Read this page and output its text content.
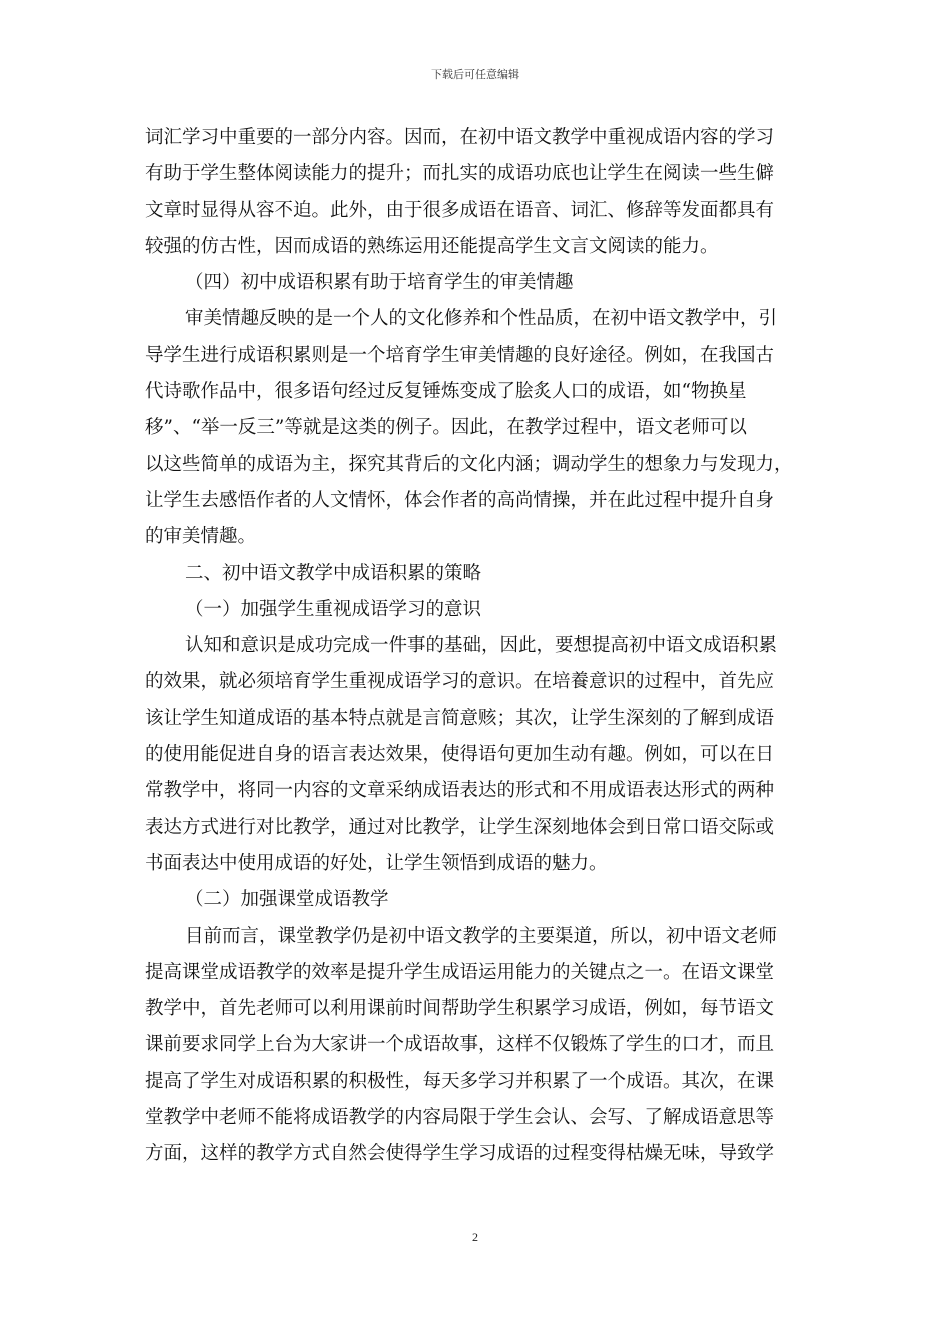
下载后可任意编辑

词汇学习中重要的一部分内容。因而，在初中语文教学中重视成语内容的学习

有助于学生整体阅读能力的提升；而扎实的成语功底也让学生在阅读一些生僻

文章时显得从容不迫。此外，由于很多成语在语音、词汇、修辞等发面都具有

较强的仿古性，因而成语的熟练运用还能提高学生文言文阅读的能力。

（四）初中成语积累有助于培育学生的审美情趣

审美情趣反映的是一个人的文化修养和个性品质，在初中语文教学中，引

导学生进行成语积累则是一个培育学生审美情趣的良好途径。例如，在我国古

代诗歌作品中，很多语句经过反复锤炼变成了脍炙人口的成语，如“物换星

移”、“举一反三”等就是这类的例子。因此，在教学过程中，语文老师可以

以这些简单的成语为主，探究其背后的文化内涵；调动学生的想象力与发现力，

让学生去感悟作者的人文情怀，体会作者的高尚情操，并在此过程中提升自身

的审美情趣。

二、初中语文教学中成语积累的策略

（一）加强学生重视成语学习的意识

认知和意识是成功完成一件事的基础，因此，要想提高初中语文成语积累

的效果，就必须培育学生重视成语学习的意识。在培養意识的过程中，首先应

该让学生知道成语的基本特点就是言简意赅；其次，让学生深刻的了解到成语

的使用能促进自身的语言表达效果，使得语句更加生动有趣。例如，可以在日

常教学中，将同一内容的文章采纳成语表达的形式和不用成语表达形式的两种

表达方式进行对比教学，通过对比教学，让学生深刻地体会到日常口语交际或

书面表达中使用成语的好处，让学生领悟到成语的魅力。

（二）加强课堂成语教学

目前而言，课堂教学仍是初中语文教学的主要渠道，所以，初中语文老师

提高课堂成语教学的效率是提升学生成语运用能力的关键点之一。在语文课堂

教学中，首先老师可以利用课前时间帮助学生积累学习成语，例如，每节语文

课前要求同学上台为大家讲一个成语故事，这样不仅锻炼了学生的口才，而且

提高了学生对成语积累的积极性，每天多学习并积累了一个成语。其次，在课

堂教学中老师不能将成语教学的内容局限于学生会认、会写、了解成语意思等

方面，这样的教学方式自然会使得学生学习成语的过程变得枯燥无味，导致学

2
